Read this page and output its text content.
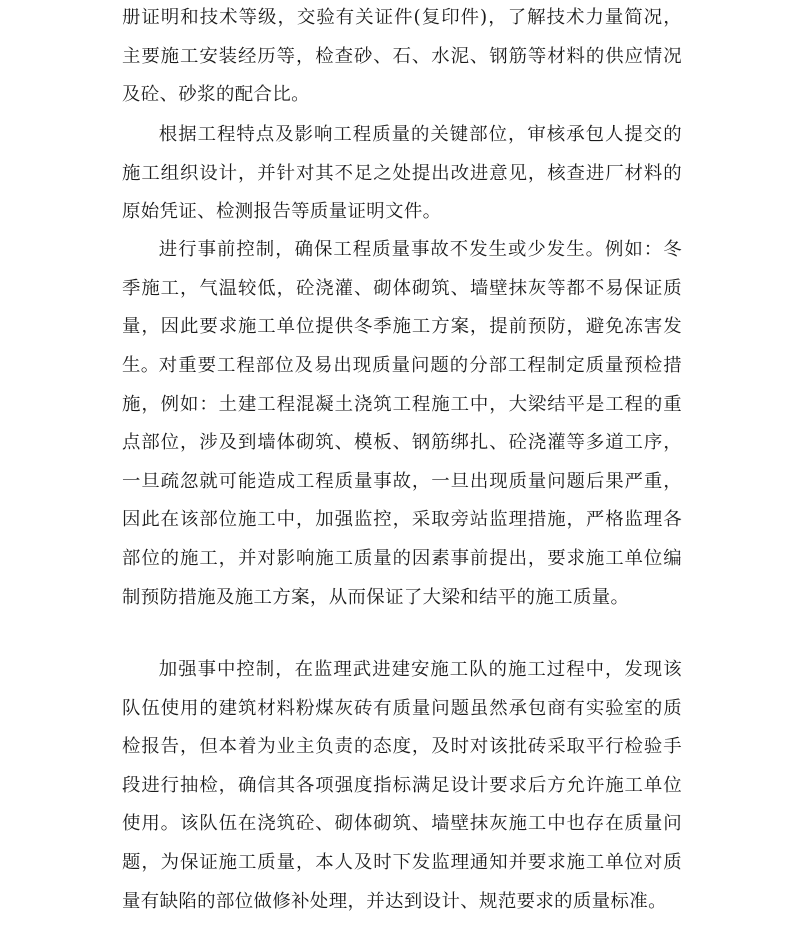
册证明和技术等级，交验有关证件(复印件)，了解技术力量简况，主要施工安装经历等，检查砂、石、水泥、钢筋等材料的供应情况及砼、砂浆的配合比。

根据工程特点及影响工程质量的关键部位，审核承包人提交的施工组织设计，并针对其不足之处提出改进意见，核查进厂材料的原始凭证、检测报告等质量证明文件。

进行事前控制，确保工程质量事故不发生或少发生。例如：冬季施工，气温较低，砼浇灌、砌体砌筑、墙壁抹灰等都不易保证质量，因此要求施工单位提供冬季施工方案，提前预防，避免冻害发生。 对重要工程部位及易出现质量问题的分部工程制定质量预检措施，例如：土建工程混凝土浇筑工程施工中，大梁结平是工程的重点部位，涉及到墙体砌筑、模板、钢筋绑扎、砼浇灌等多道工序，一旦疏忽就可能造成工程质量事故，一旦出现质量问题后果严重，因此在该部位施工中，加强监控，采取旁站监理措施，严格监理各部位的施工，并对影响施工质量的因素事前提出，要求施工单位编制预防措施及施工方案，从而保证了大梁和结平的施工质量。

加强事中控制，在监理武进建安施工队的施工过程中，发现该队伍使用的建筑材料粉煤灰砖有质量问题虽然承包商有实验室的质检报告，但本着为业主负责的态度，及时对该批砖采取平行检验手段进行抽检，确信其各项强度指标满足设计要求后方允许施工单位使用。该队伍在浇筑砼、砌体砌筑、墙壁抹灰施工中也存在质量问题，为保证施工质量，本人及时下发监理通知并要求施工单位对质量有缺陷的部位做修补处理，并达到设计、规范要求的质量标准。
